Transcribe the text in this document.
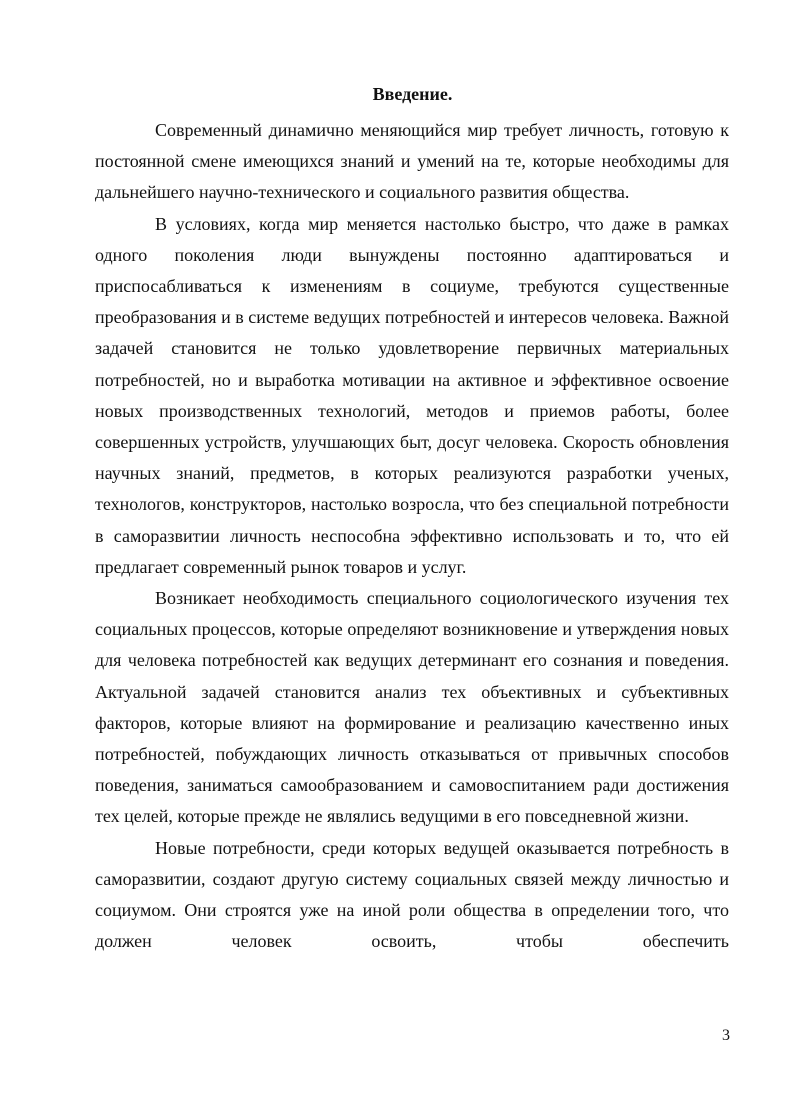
Введение.

Современный динамично меняющийся мир требует личность, готовую к постоянной смене имеющихся знаний и умений на те, которые необходимы для дальнейшего научно-технического и социального развития общества.

В условиях, когда мир меняется настолько быстро, что даже в рамках одного поколения люди вынуждены постоянно адаптироваться и приспосабливаться к изменениям в социуме, требуются существенные преобразования и в системе ведущих потребностей и интересов человека. Важной задачей становится не только удовлетворение первичных материальных потребностей, но и выработка мотивации на активное и эффективное освоение новых производственных технологий, методов и приемов работы, более совершенных устройств, улучшающих быт, досуг человека. Скорость обновления научных знаний, предметов, в которых реализуются разработки ученых, технологов, конструкторов, настолько возросла, что без специальной потребности в саморазвитии личность неспособна эффективно использовать и то, что ей предлагает современный рынок товаров и услуг.

Возникает необходимость специального социологического изучения тех социальных процессов, которые определяют возникновение и утверждения новых для человека потребностей как ведущих детерминант его сознания и поведения. Актуальной задачей становится анализ тех объективных и субъективных факторов, которые влияют на формирование и реализацию качественно иных потребностей, побуждающих личность отказываться от привычных способов поведения, заниматься самообразованием и самовоспитанием ради достижения тех целей, которые прежде не являлись ведущими в его повседневной жизни.

Новые потребности, среди которых ведущей оказывается потребность в саморазвитии, создают другую систему социальных связей между личностью и социумом. Они строятся уже на иной роли общества в определении того, что должен человек освоить, чтобы обеспечить

3
